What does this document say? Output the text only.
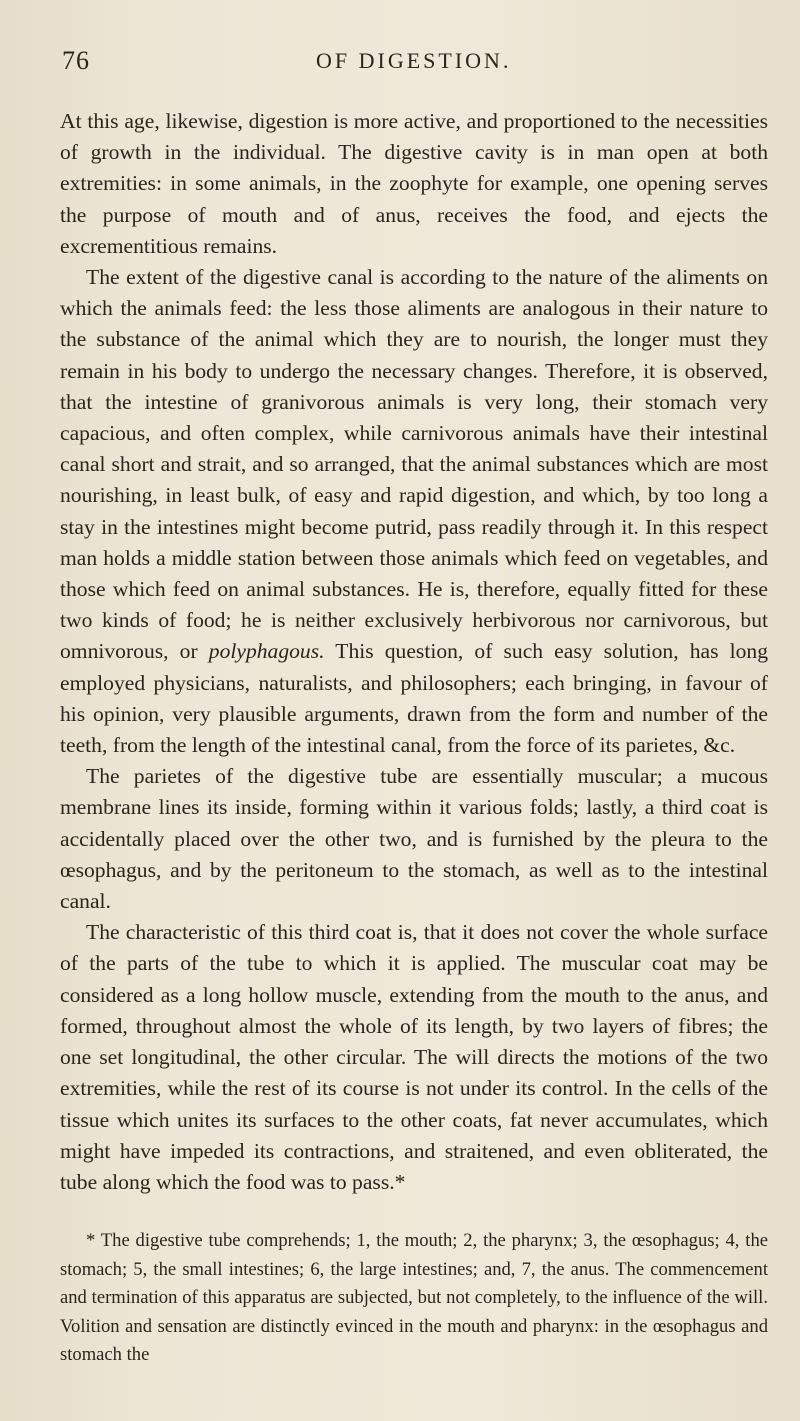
76	OF DIGESTION.

At this age, likewise, digestion is more active, and proportioned to the necessities of growth in the individual. The digestive cavity is in man open at both extremities: in some animals, in the zoophyte for example, one opening serves the purpose of mouth and of anus, receives the food, and ejects the excrementitious remains.

The extent of the digestive canal is according to the nature of the aliments on which the animals feed: the less those aliments are analogous in their nature to the substance of the animal which they are to nourish, the longer must they remain in his body to undergo the necessary changes. Therefore, it is observed, that the intestine of granivorous animals is very long, their stomach very capacious, and often complex, while carnivorous animals have their intestinal canal short and strait, and so arranged, that the animal substances which are most nourishing, in least bulk, of easy and rapid digestion, and which, by too long a stay in the intestines might become putrid, pass readily through it. In this respect man holds a middle station between those animals which feed on vegetables, and those which feed on animal substances. He is, therefore, equally fitted for these two kinds of food; he is neither exclusively herbivorous nor carnivorous, but omnivorous, or polyphagous. This question, of such easy solution, has long employed physicians, naturalists, and philosophers; each bringing, in favour of his opinion, very plausible arguments, drawn from the form and number of the teeth, from the length of the intestinal canal, from the force of its parietes, &c.

The parietes of the digestive tube are essentially muscular; a mucous membrane lines its inside, forming within it various folds; lastly, a third coat is accidentally placed over the other two, and is furnished by the pleura to the œsophagus, and by the peritoneum to the stomach, as well as to the intestinal canal.

The characteristic of this third coat is, that it does not cover the whole surface of the parts of the tube to which it is applied. The muscular coat may be considered as a long hollow muscle, extending from the mouth to the anus, and formed, throughout almost the whole of its length, by two layers of fibres; the one set longitudinal, the other circular. The will directs the motions of the two extremities, while the rest of its course is not under its control. In the cells of the tissue which unites its surfaces to the other coats, fat never accumulates, which might have impeded its contractions, and straitened, and even obliterated, the tube along which the food was to pass.*

* The digestive tube comprehends; 1, the mouth; 2, the pharynx; 3, the œsophagus; 4, the stomach; 5, the small intestines; 6, the large intestines; and, 7, the anus. The commencement and termination of this apparatus are subjected, but not completely, to the influence of the will. Volition and sensation are distinctly evinced in the mouth and pharynx: in the œsophagus and stomach the
